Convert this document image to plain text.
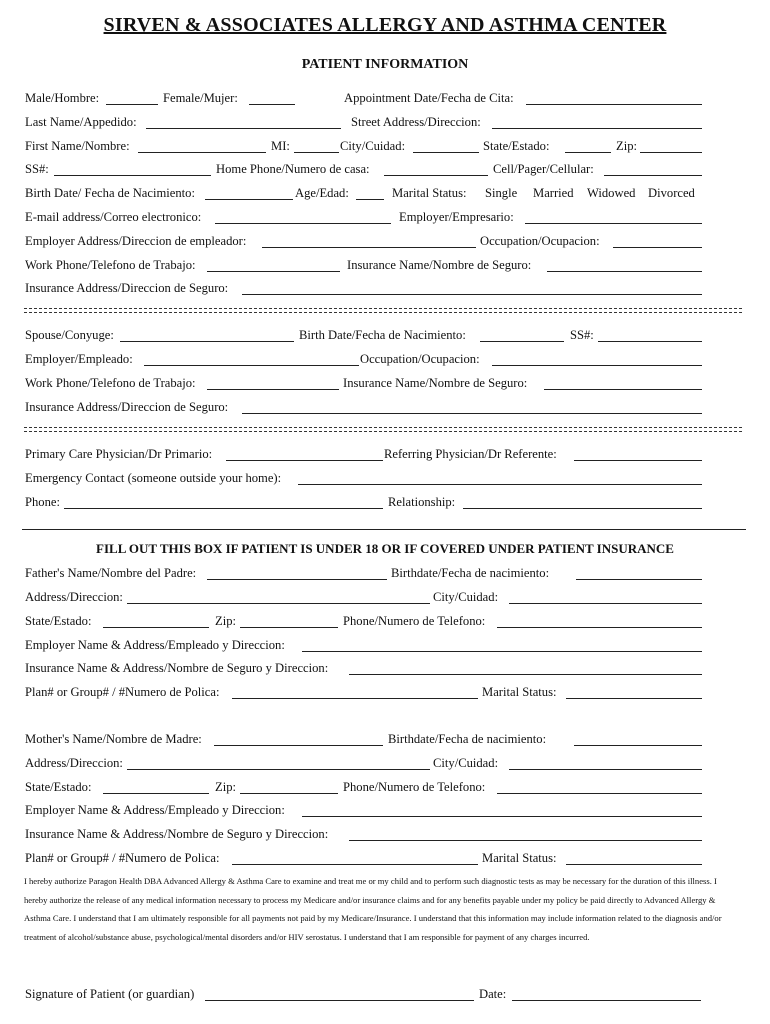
SIRVEN & ASSOCIATES ALLERGY AND ASTHMA CENTER
PATIENT INFORMATION
Male/Hombre:	Female/Mujer:	Appointment Date/Fecha de Cita:
Last Name/Appedido:	Street Address/Direccion:
First Name/Nombre:	MI:	City/Cuidad:	State/Estado:	Zip:
SS#:	Home Phone/Numero de casa:	Cell/Pager/Cellular:
Birth Date/ Fecha de Nacimiento:	Age/Edad:	Marital Status: Single Married Widowed Divorced
E-mail address/Correo electronico:	Employer/Empresario:
Employer Address/Direccion de empleador:	Occupation/Ocupacion:
Work Phone/Telefono de Trabajo:	Insurance Name/Nombre de Seguro:
Insurance Address/Direccion de Seguro:
Spouse/Conyuge:	Birth Date/Fecha de Nacimiento:	SS#:
Employer/Empleado:	Occupation/Ocupacion:
Work Phone/Telefono de Trabajo:	Insurance Name/Nombre de Seguro:
Insurance Address/Direccion de Seguro:
Primary Care Physician/Dr Primario:	Referring Physician/Dr Referente:
Emergency Contact (someone outside your home):
Phone:	Relationship:
FILL OUT THIS BOX IF PATIENT IS UNDER 18 OR IF COVERED UNDER PATIENT INSURANCE
Father's Name/Nombre del Padre:	Birthdate/Fecha de nacimiento:
Address/Direccion:	City/Cuidad:
State/Estado:	Zip:	Phone/Numero de Telefono:
Employer Name & Address/Empleado y Direccion:
Insurance Name & Address/Nombre de Seguro y Direccion:
Plan# or Group# / #Numero de Polica:	Marital Status:
Mother's Name/Nombre de Madre:	Birthdate/Fecha de nacimiento:
Address/Direccion:	City/Cuidad:
State/Estado:	Zip:	Phone/Numero de Telefono:
Employer Name & Address/Empleado y Direccion:
Insurance Name & Address/Nombre de Seguro y Direccion:
Plan# or Group# / #Numero de Polica:	Marital Status:
I hereby authorize Paragon Health DBA Advanced Allergy & Asthma Care to examine and treat me or my child and to perform such diagnostic tests as may be necessary for the duration of this illness. I hereby authorize the release of any medical information necessary to process my Medicare and/or insurance claims and for any benefits payable under my policy be paid directly to Advanced Allergy & Asthma Care. I understand that I am ultimately responsible for all payments not paid by my Medicare/Insurance. I understand that this information may include information related to the diagnosis and/or treatment of alcohol/substance abuse, psychological/mental disorders and/or HIV serostatus. I understand that I am responsible for payment of any charges incurred.
Signature of Patient (or guardian)	Date:
